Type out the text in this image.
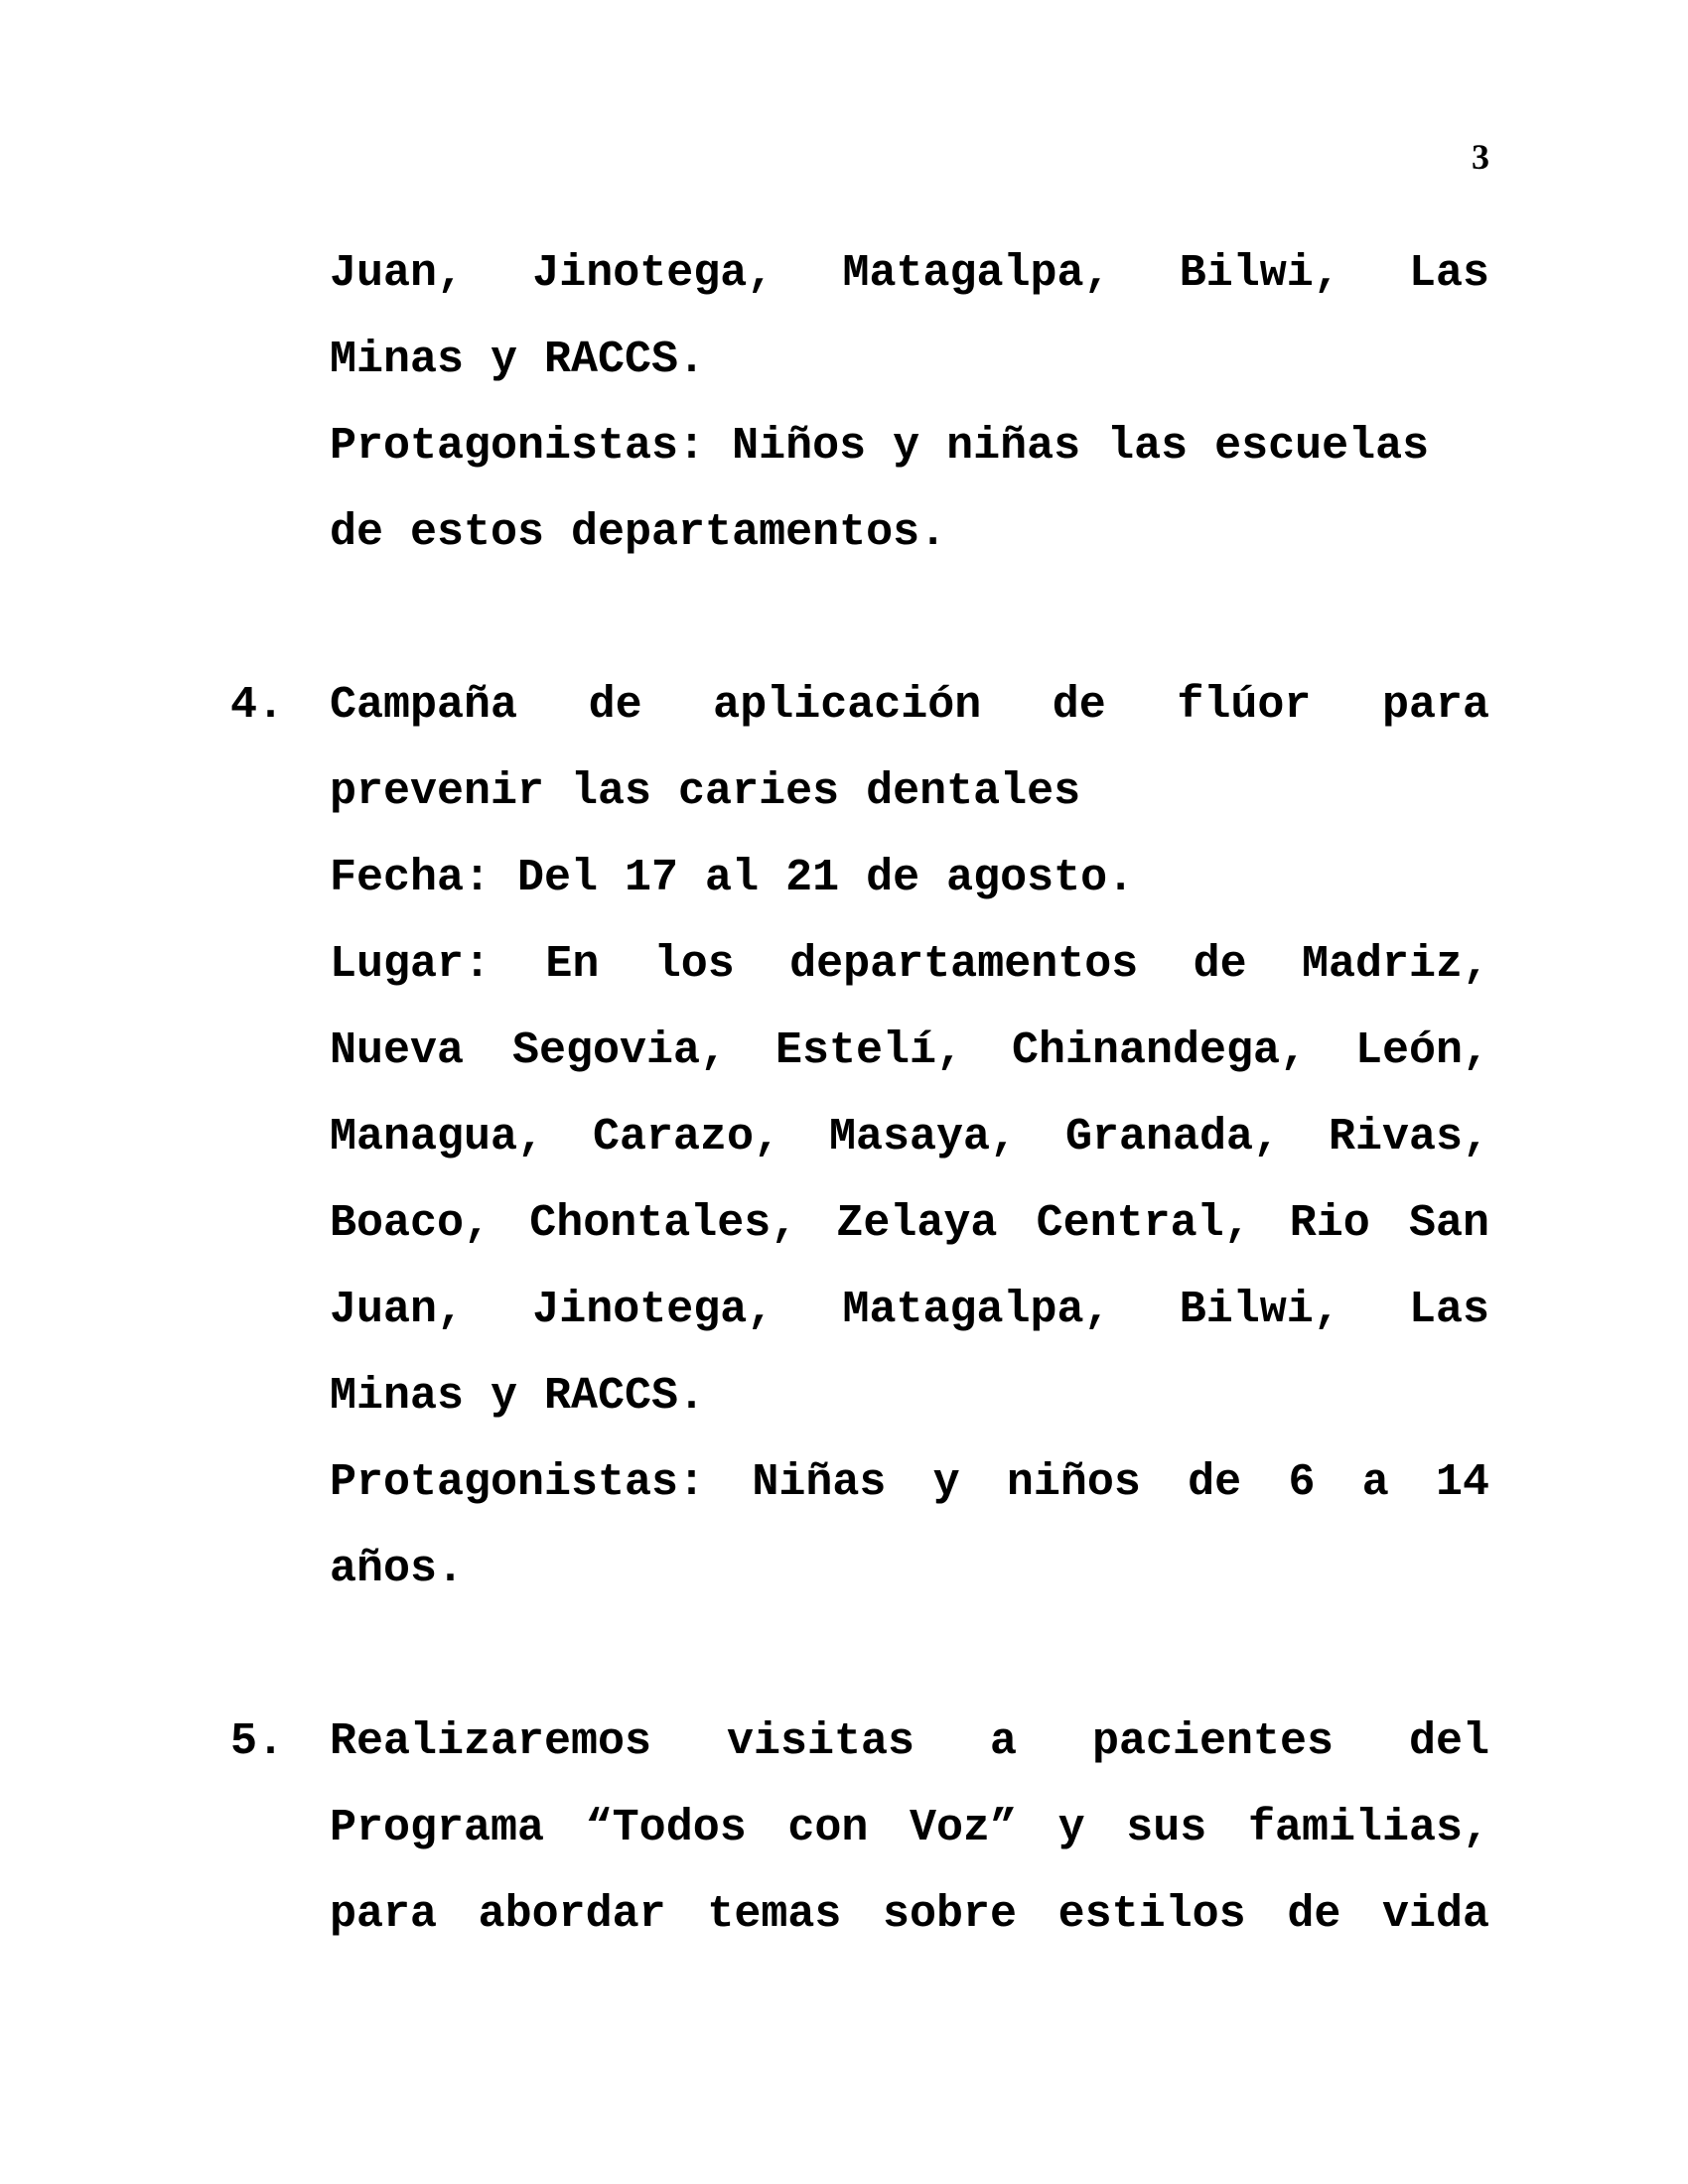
3
Juan, Jinotega, Matagalpa, Bilwi, Las
Minas y RACCS.
Protagonistas: Niños y niñas las escuelas
de estos departamentos.
4. Campaña de aplicación de flúor para
prevenir las caries dentales
Fecha: Del 17 al 21 de agosto.
Lugar: En los departamentos de Madriz,
Nueva Segovia, Estelí, Chinandega, León,
Managua, Carazo, Masaya, Granada, Rivas,
Boaco, Chontales, Zelaya Central, Rio San
Juan, Jinotega, Matagalpa, Bilwi, Las
Minas y RACCS.
Protagonistas: Niñas y niños de 6 a 14
años.
5. Realizaremos visitas a pacientes del
Programa “Todos con Voz” y sus familias,
para abordar temas sobre estilos de vida
